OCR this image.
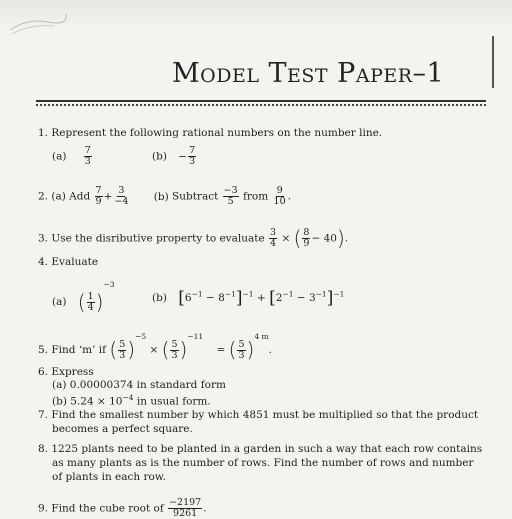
Model Test Paper–1
1. Represent the following rational numbers on the number line.
$(a) \frac{7}{3}$	$(b) - \frac{7}{3}$
2. (a) Add $\frac{7}{9} + \frac{3}{-4} (b)$ Subtract $\frac{-3}{5}$ from $\frac{9}{10}$ .
3. Use the disributive property to evaluate $\frac{3}{4}$ × ( $\frac{8}{9} - 40$).
4. Evaluate
(a) ( $\frac{1}{4} )^{-3}$
(b) $[6^{-1} - 8^{-1}]^{-1} + [2^{-1} - 3^{-1}]^{-1}$
5. Find ‘m’ if ( $\frac{5}{3} )^{-5}$ × ( $\frac{5}{3} )^{-11}$ = ( $\frac{5}{3} )^{4 m}$.
6. Express
(a) 0.00000374 in standard form
(b) $5.24 \times 10^{-4}$ in usual form.
7. Find the smallest number by which 4851 must be multiplied so that the product
becomes a perfect square.
8. 1225 plants need to be planted in a garden in such a way that each row contains
as many plants as is the number of rows. Find the number of rows and number
of plants in each row.
9. Find the cube root of $\frac{-2197}{9261}$ .
